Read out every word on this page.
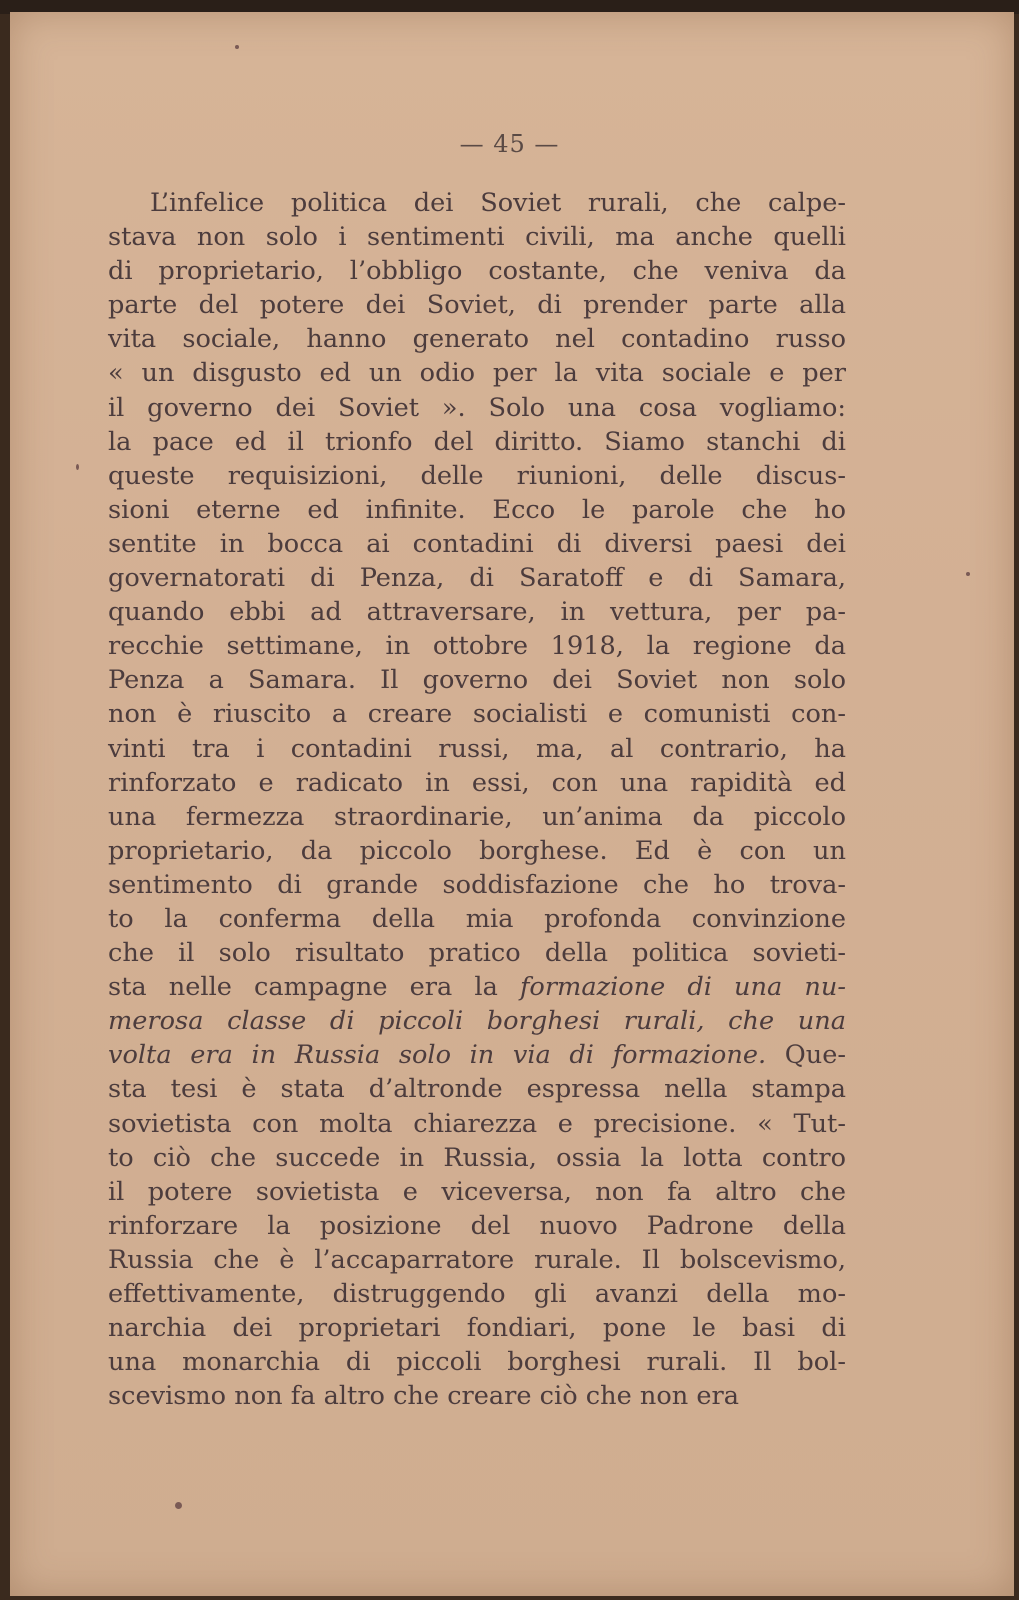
— 45 —
L’infelice politica dei Soviet rurali, che calpe-
stava non solo i sentimenti civili, ma anche quelli
di proprietario, l’obbligo costante, che veniva da
parte del potere dei Soviet, di prender parte alla
vita sociale, hanno generato nel contadino russo
« un disgusto ed un odio per la vita sociale e per
il governo dei Soviet ». Solo una cosa vogliamo:
la pace ed il trionfo del diritto. Siamo stanchi di
queste requisizioni, delle riunioni, delle discus-
sioni eterne ed infinite. Ecco le parole che ho
sentite in bocca ai contadini di diversi paesi dei
governatorati di Penza, di Saratoff e di Samara,
quando ebbi ad attraversare, in vettura, per pa-
recchie settimane, in ottobre 1918, la regione da
Penza a Samara. Il governo dei Soviet non solo
non è riuscito a creare socialisti e comunisti con-
vinti tra i contadini russi, ma, al contrario, ha
rinforzato e radicato in essi, con una rapidità ed
una fermezza straordinarie, un’anima da piccolo
proprietario, da piccolo borghese. Ed è con un
sentimento di grande soddisfazione che ho trova-
to la conferma della mia profonda convinzione
che il solo risultato pratico della politica sovieti-
sta nelle campagne era la formazione di una nu-
merosa classe di piccoli borghesi rurali, che una
volta era in Russia solo in via di formazione. Que-
sta tesi è stata d’altronde espressa nella stampa
sovietista con molta chiarezza e precisione. « Tut-
to ciò che succede in Russia, ossia la lotta contro
il potere sovietista e viceversa, non fa altro che
rinforzare la posizione del nuovo Padrone della
Russia che è l’accaparratore rurale. Il bolscevismo,
effettivamente, distruggendo gli avanzi della mo-
narchia dei proprietari fondiari, pone le basi di
una monarchia di piccoli borghesi rurali. Il bol-
scevismo non fa altro che creare ciò che non era
